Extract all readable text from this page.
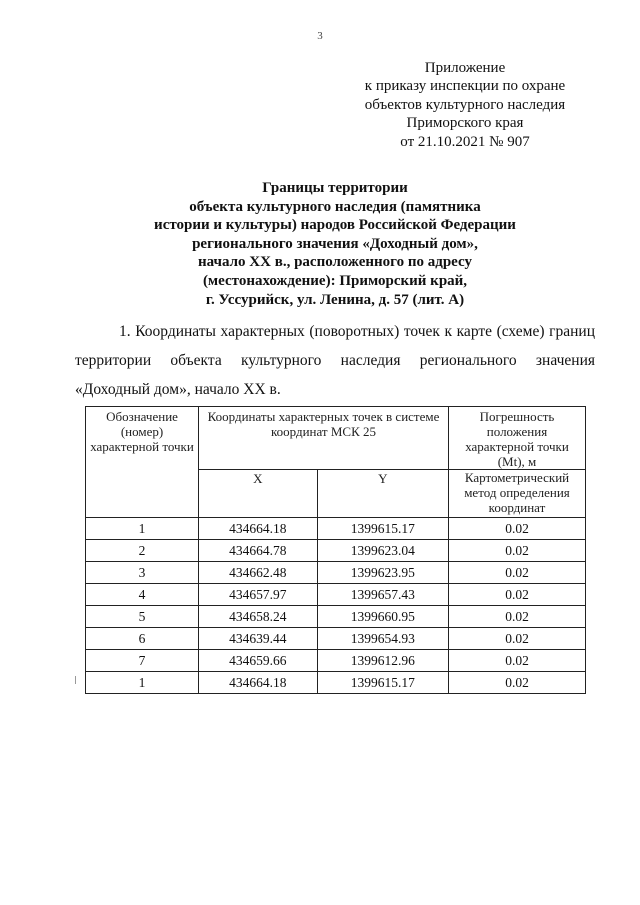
3
Приложение
к приказу инспекции по охране
объектов культурного наследия
Приморского края
от 21.10.2021 № 907
Границы территории
объекта культурного наследия (памятника
истории и культуры) народов Российской Федерации
регионального значения «Доходный дом»,
начало XX в., расположенного по адресу
(местонахождение): Приморский край,
г. Уссурийск, ул. Ленина, д. 57 (лит. А)
1. Координаты характерных (поворотных) точек к карте (схеме) границ
территории объекта культурного наследия регионального значения
«Доходный дом», начало XX в.
Обозначение (номер) характерной точки	Координаты характерных точек в системе координат МСК 25		Погрешность положения характерной точки (Mt), м
	X	Y	Картометрический метод определения координат
1	434664.18	1399615.17	0.02
2	434664.78	1399623.04	0.02
3	434662.48	1399623.95	0.02
4	434657.97	1399657.43	0.02
5	434658.24	1399660.95	0.02
6	434639.44	1399654.93	0.02
7	434659.66	1399612.96	0.02
1	434664.18	1399615.17	0.02
